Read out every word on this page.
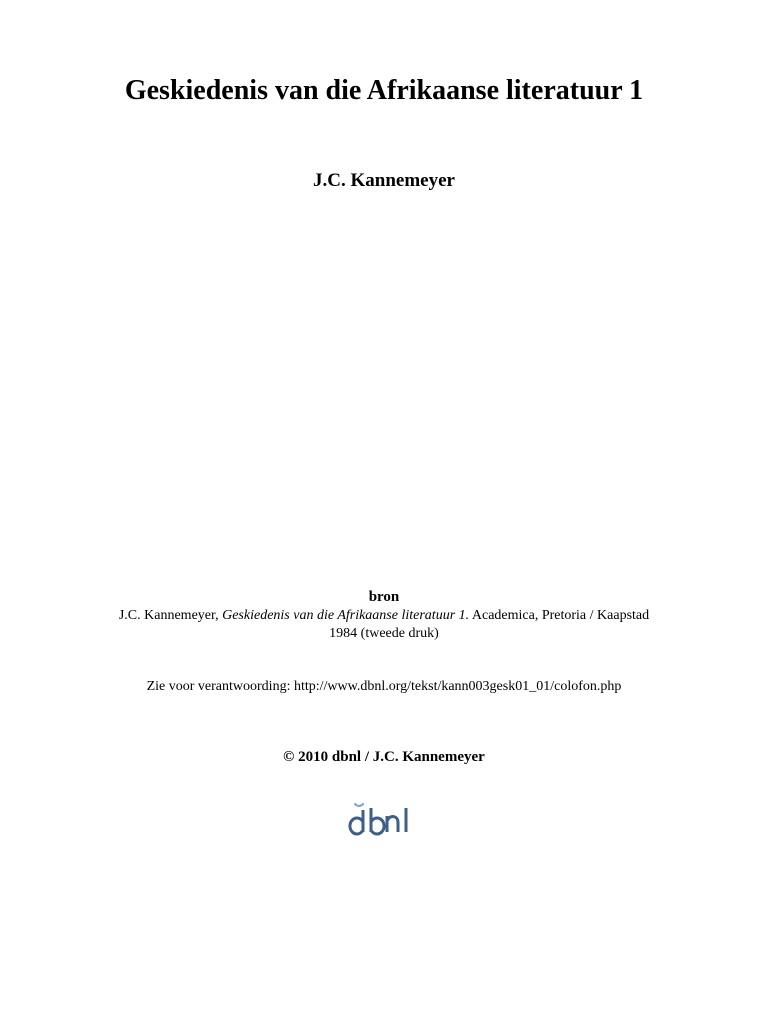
Geskiedenis van die Afrikaanse literatuur 1
J.C. Kannemeyer
bron
J.C. Kannemeyer, Geskiedenis van die Afrikaanse literatuur 1. Academica, Pretoria / Kaapstad
1984 (tweede druk)
Zie voor verantwoording: http://www.dbnl.org/tekst/kann003gesk01_01/colofon.php
© 2010 dbnl / J.C. Kannemeyer
